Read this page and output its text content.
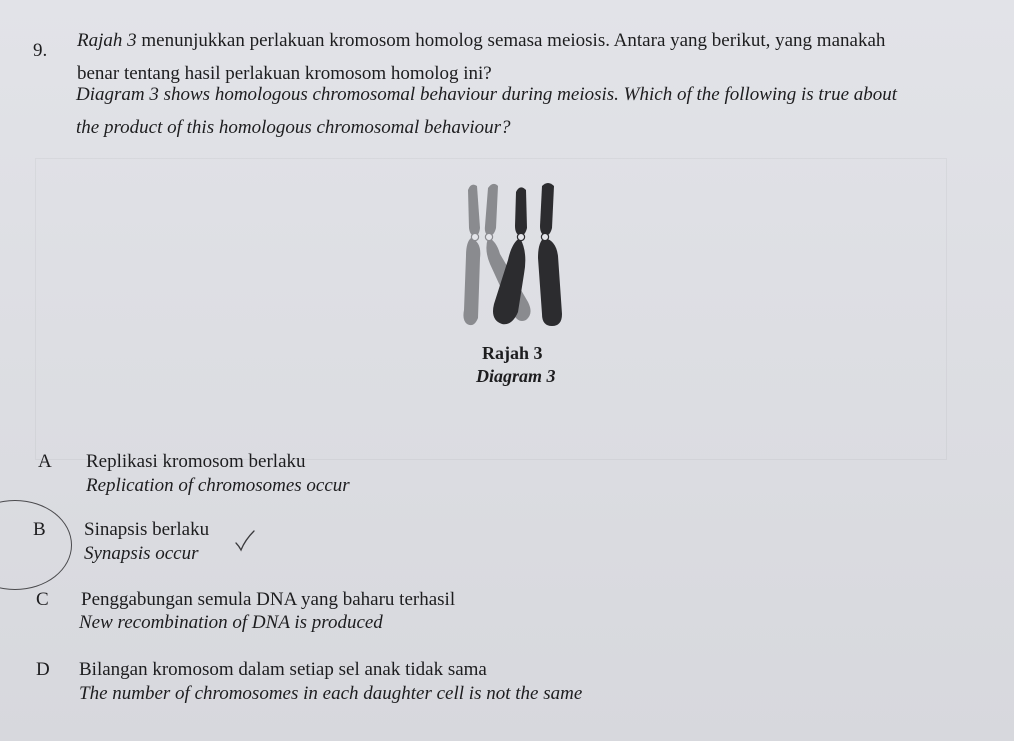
9. Rajah 3 menunjukkan perlakuan kromosom homolog semasa meiosis. Antara yang berikut, yang manakah
benar tentang hasil perlakuan kromosom homolog ini?
Diagram 3 shows homologous chromosomal behaviour during meiosis. Which of the following is true about
the product of this homologous chromosomal behaviour?
Rajah 3
Diagram 3
A Replikasi kromosom berlaku
Replication of chromosomes occur
B Sinapsis berlaku
Synapsis occur
C Penggabungan semula DNA yang baharu terhasil
New recombination of DNA is produced
D Bilangan kromosom dalam setiap sel anak tidak sama
The number of chromosomes in each daughter cell is not the same
